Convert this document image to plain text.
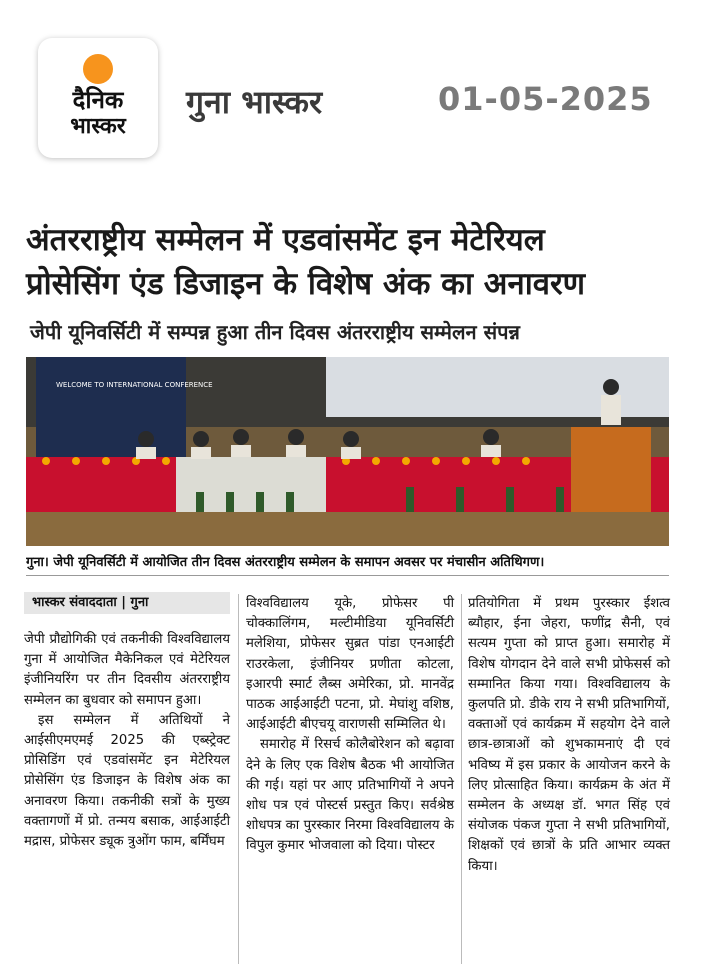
दैनिक
भास्कर
गुना भास्कर	01-05-2025
अंतरराष्ट्रीय सम्मेलन में एडवांसमेंट इन मेटेरियल
प्रोसेसिंग एंड डिजाइन के विशेष अंक का अनावरण
जेपी यूनिवर्सिटी में सम्पन्न हुआ तीन दिवस अंतरराष्ट्रीय सम्मेलन संपन्न
WELCOME TO INTERNATIONAL CONFERENCE
गुना। जेपी यूनिवर्सिटी में आयोजित तीन दिवस अंतरराष्ट्रीय सम्मेलन के समापन अवसर पर मंचासीन अतिथिगण।
भास्कर संवाददाता | गुना

जेपी प्रौद्योगिकी एवं तकनीकी विश्वविद्यालय गुना में आयोजित मैकेनिकल एवं मेटेरियल इंजीनियरिंग पर तीन दिवसीय अंतरराष्ट्रीय सम्मेलन का बुधवार को समापन हुआ।

इस सम्मेलन में अतिथियों ने आईसीएमएमई 2025 की एब्स्ट्रेक्ट प्रोसिडिंग एवं एडवांसमेंट इन मेटेरियल प्रोसेसिंग एंड डिजाइन के विशेष अंक का अनावरण किया। तकनीकी सत्रों के मुख्य वक्तागणों में प्रो. तन्मय बसाक, आईआईटी मद्रास, प्रोफेसर ड्यूक त्रुओंग फाम, बर्मिंघम

विश्वविद्यालय यूके, प्रोफेसर पी चोक्कालिंगम, मल्टीमीडिया यूनिवर्सिटी मलेशिया, प्रोफेसर सुब्रत पांडा एनआईटी राउरकेला, इंजीनियर प्रणीता कोटला, इआरपी स्मार्ट लैब्स अमेरिका, प्रो. मानवेंद्र पाठक आईआईटी पटना, प्रो. मेघांशु वशिष्ठ, आईआईटी बीएचयू वाराणसी सम्मिलित थे।

समारोह में रिसर्च कोलैबोरेशन को बढ़ावा देने के लिए एक विशेष बैठक भी आयोजित की गई। यहां पर आए प्रतिभागियों ने अपने शोध पत्र एवं पोस्टर्स प्रस्तुत किए। सर्वश्रेष्ठ शोधपत्र का पुरस्कार निरमा विश्वविद्यालय के विपुल कुमार भोजवाला को दिया। पोस्टर

प्रतियोगिता में प्रथम पुरस्कार ईशत्व ब्यौहार, ईना जेहरा, फणींद्र सैनी, एवं सत्यम गुप्ता को प्राप्त हुआ। समारोह में विशेष योगदान देने वाले सभी प्रोफेसर्स को सम्मानित किया गया। विश्वविद्यालय के कुलपति प्रो. डीके राय ने सभी प्रतिभागियों, वक्ताओं एवं कार्यक्रम में सहयोग देने वाले छात्र-छात्राओं को शुभकामनाएं दी एवं भविष्य में इस प्रकार के आयोजन करने के लिए प्रोत्साहित किया। कार्यक्रम के अंत में सम्मेलन के अध्यक्ष डॉ. भगत सिंह एवं संयोजक पंकज गुप्ता ने सभी प्रतिभागियों, शिक्षकों एवं छात्रों के प्रति आभार व्यक्त किया।
